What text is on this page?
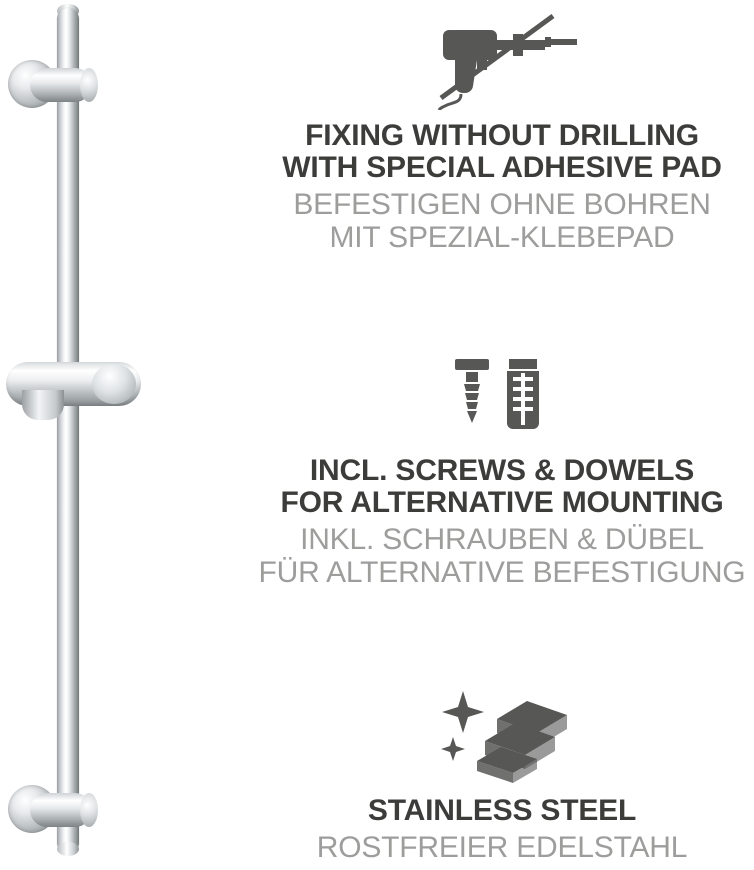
FIXING WITHOUT DRILLING
WITH SPECIAL ADHESIVE PAD
BEFESTIGEN OHNE BOHREN
MIT SPEZIAL-KLEBEPAD
INCL. SCREWS & DOWELS
FOR ALTERNATIVE MOUNTING
INKL. SCHRAUBEN & DÜBEL
FÜR ALTERNATIVE BEFESTIGUNG
STAINLESS STEEL
ROSTFREIER EDELSTAHL
